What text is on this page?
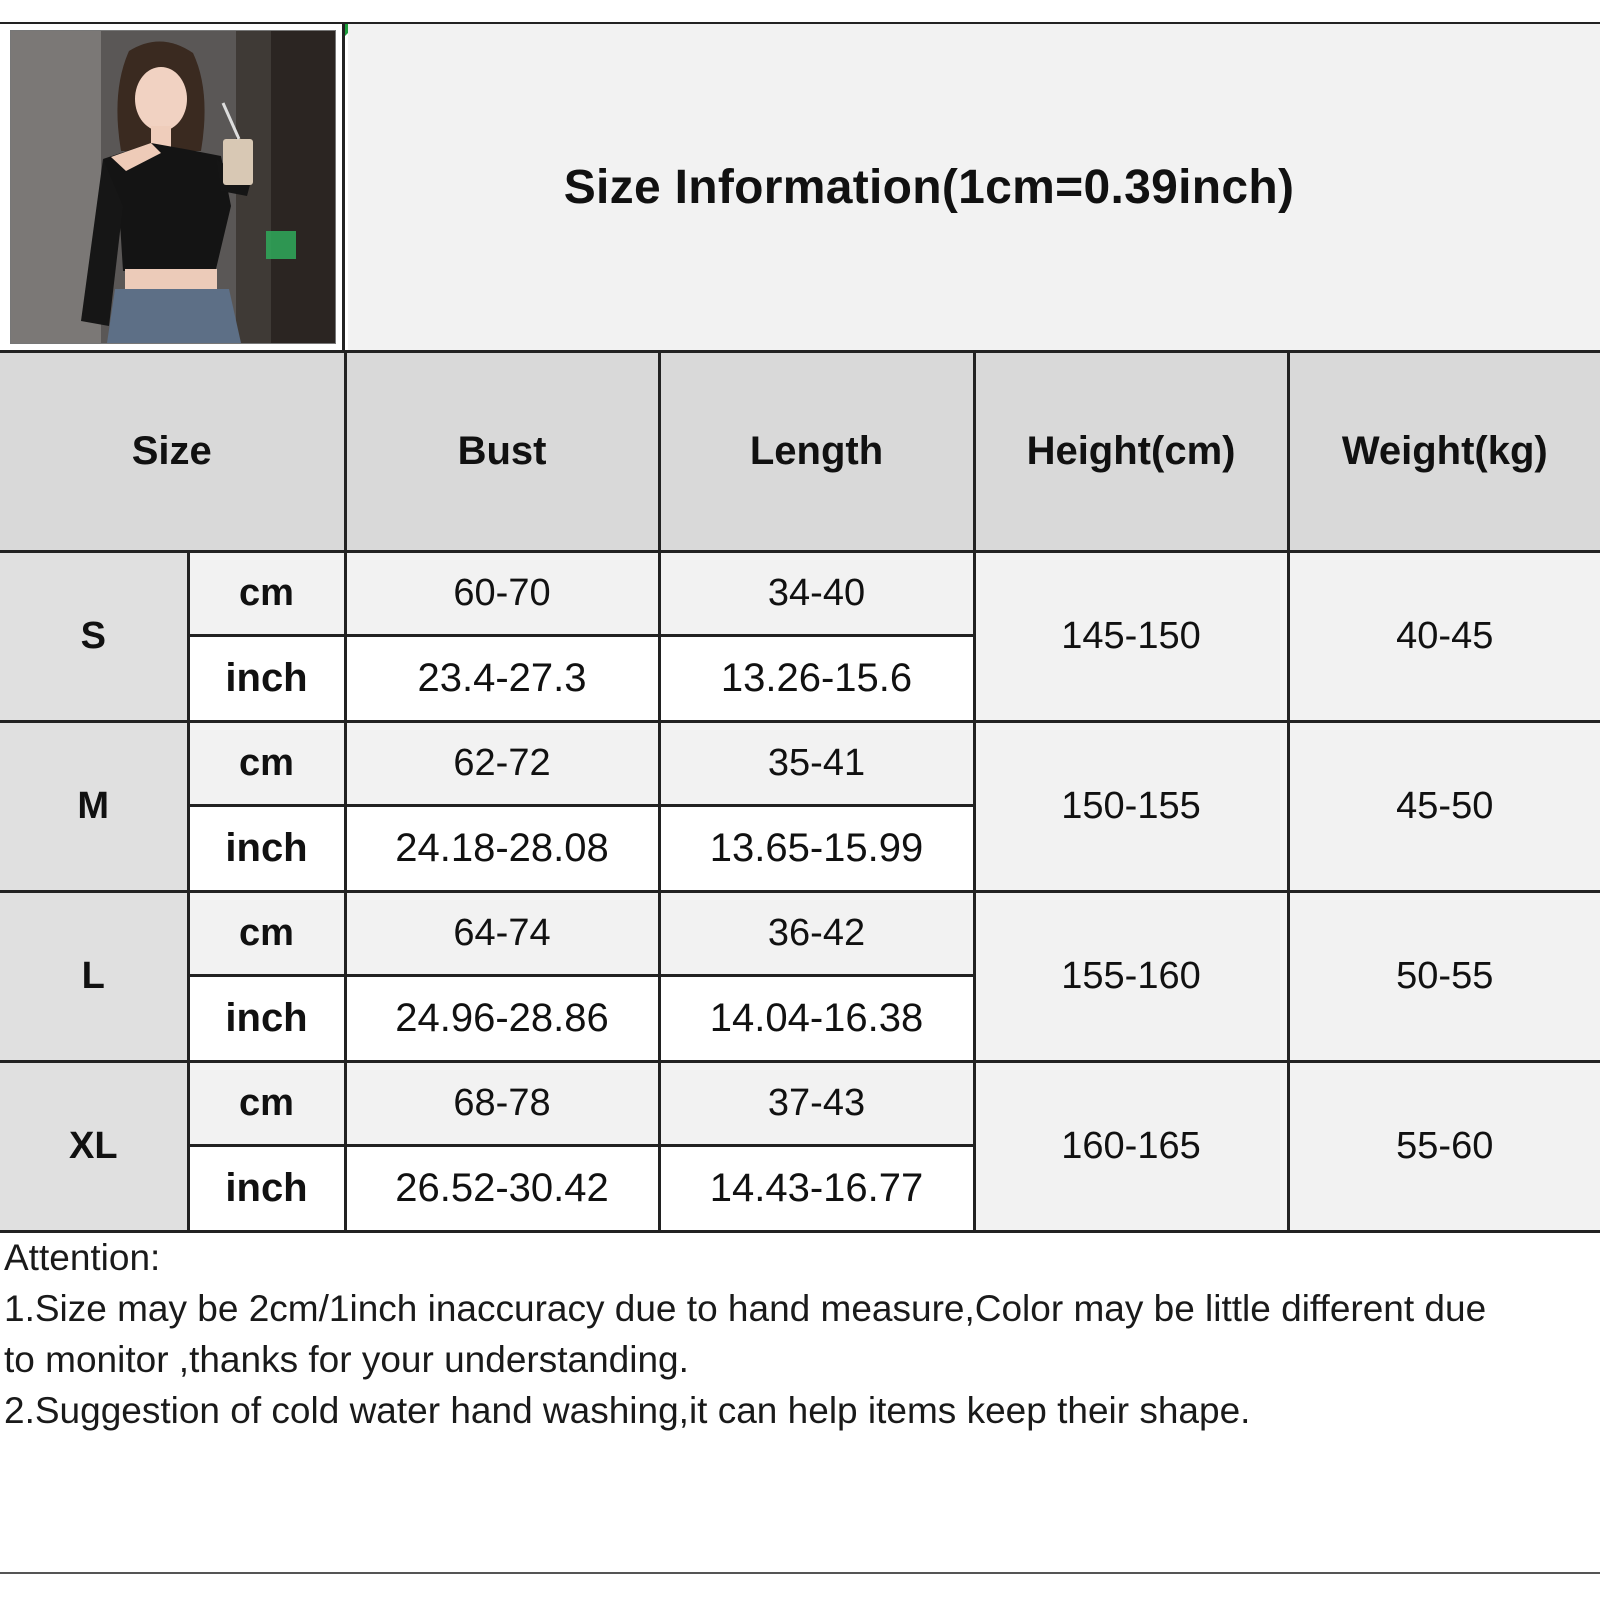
Size Information(1cm=0.39inch)
Size		Bust	Length	Height(cm)	Weight(kg)
S	cm	60-70	34-40	145-150	40-45
	inch	23.4-27.3	13.26-15.6		
M	cm	62-72	35-41	150-155	45-50
	inch	24.18-28.08	13.65-15.99		
L	cm	64-74	36-42	155-160	50-55
	inch	24.96-28.86	14.04-16.38		
XL	cm	68-78	37-43	160-165	55-60
	inch	26.52-30.42	14.43-16.77		
Attention:
1.Size may be 2cm/1inch inaccuracy due to hand measure,Color may be little different due
to monitor ,thanks for your understanding.
2.Suggestion of cold water hand washing,it can help items keep their shape.
